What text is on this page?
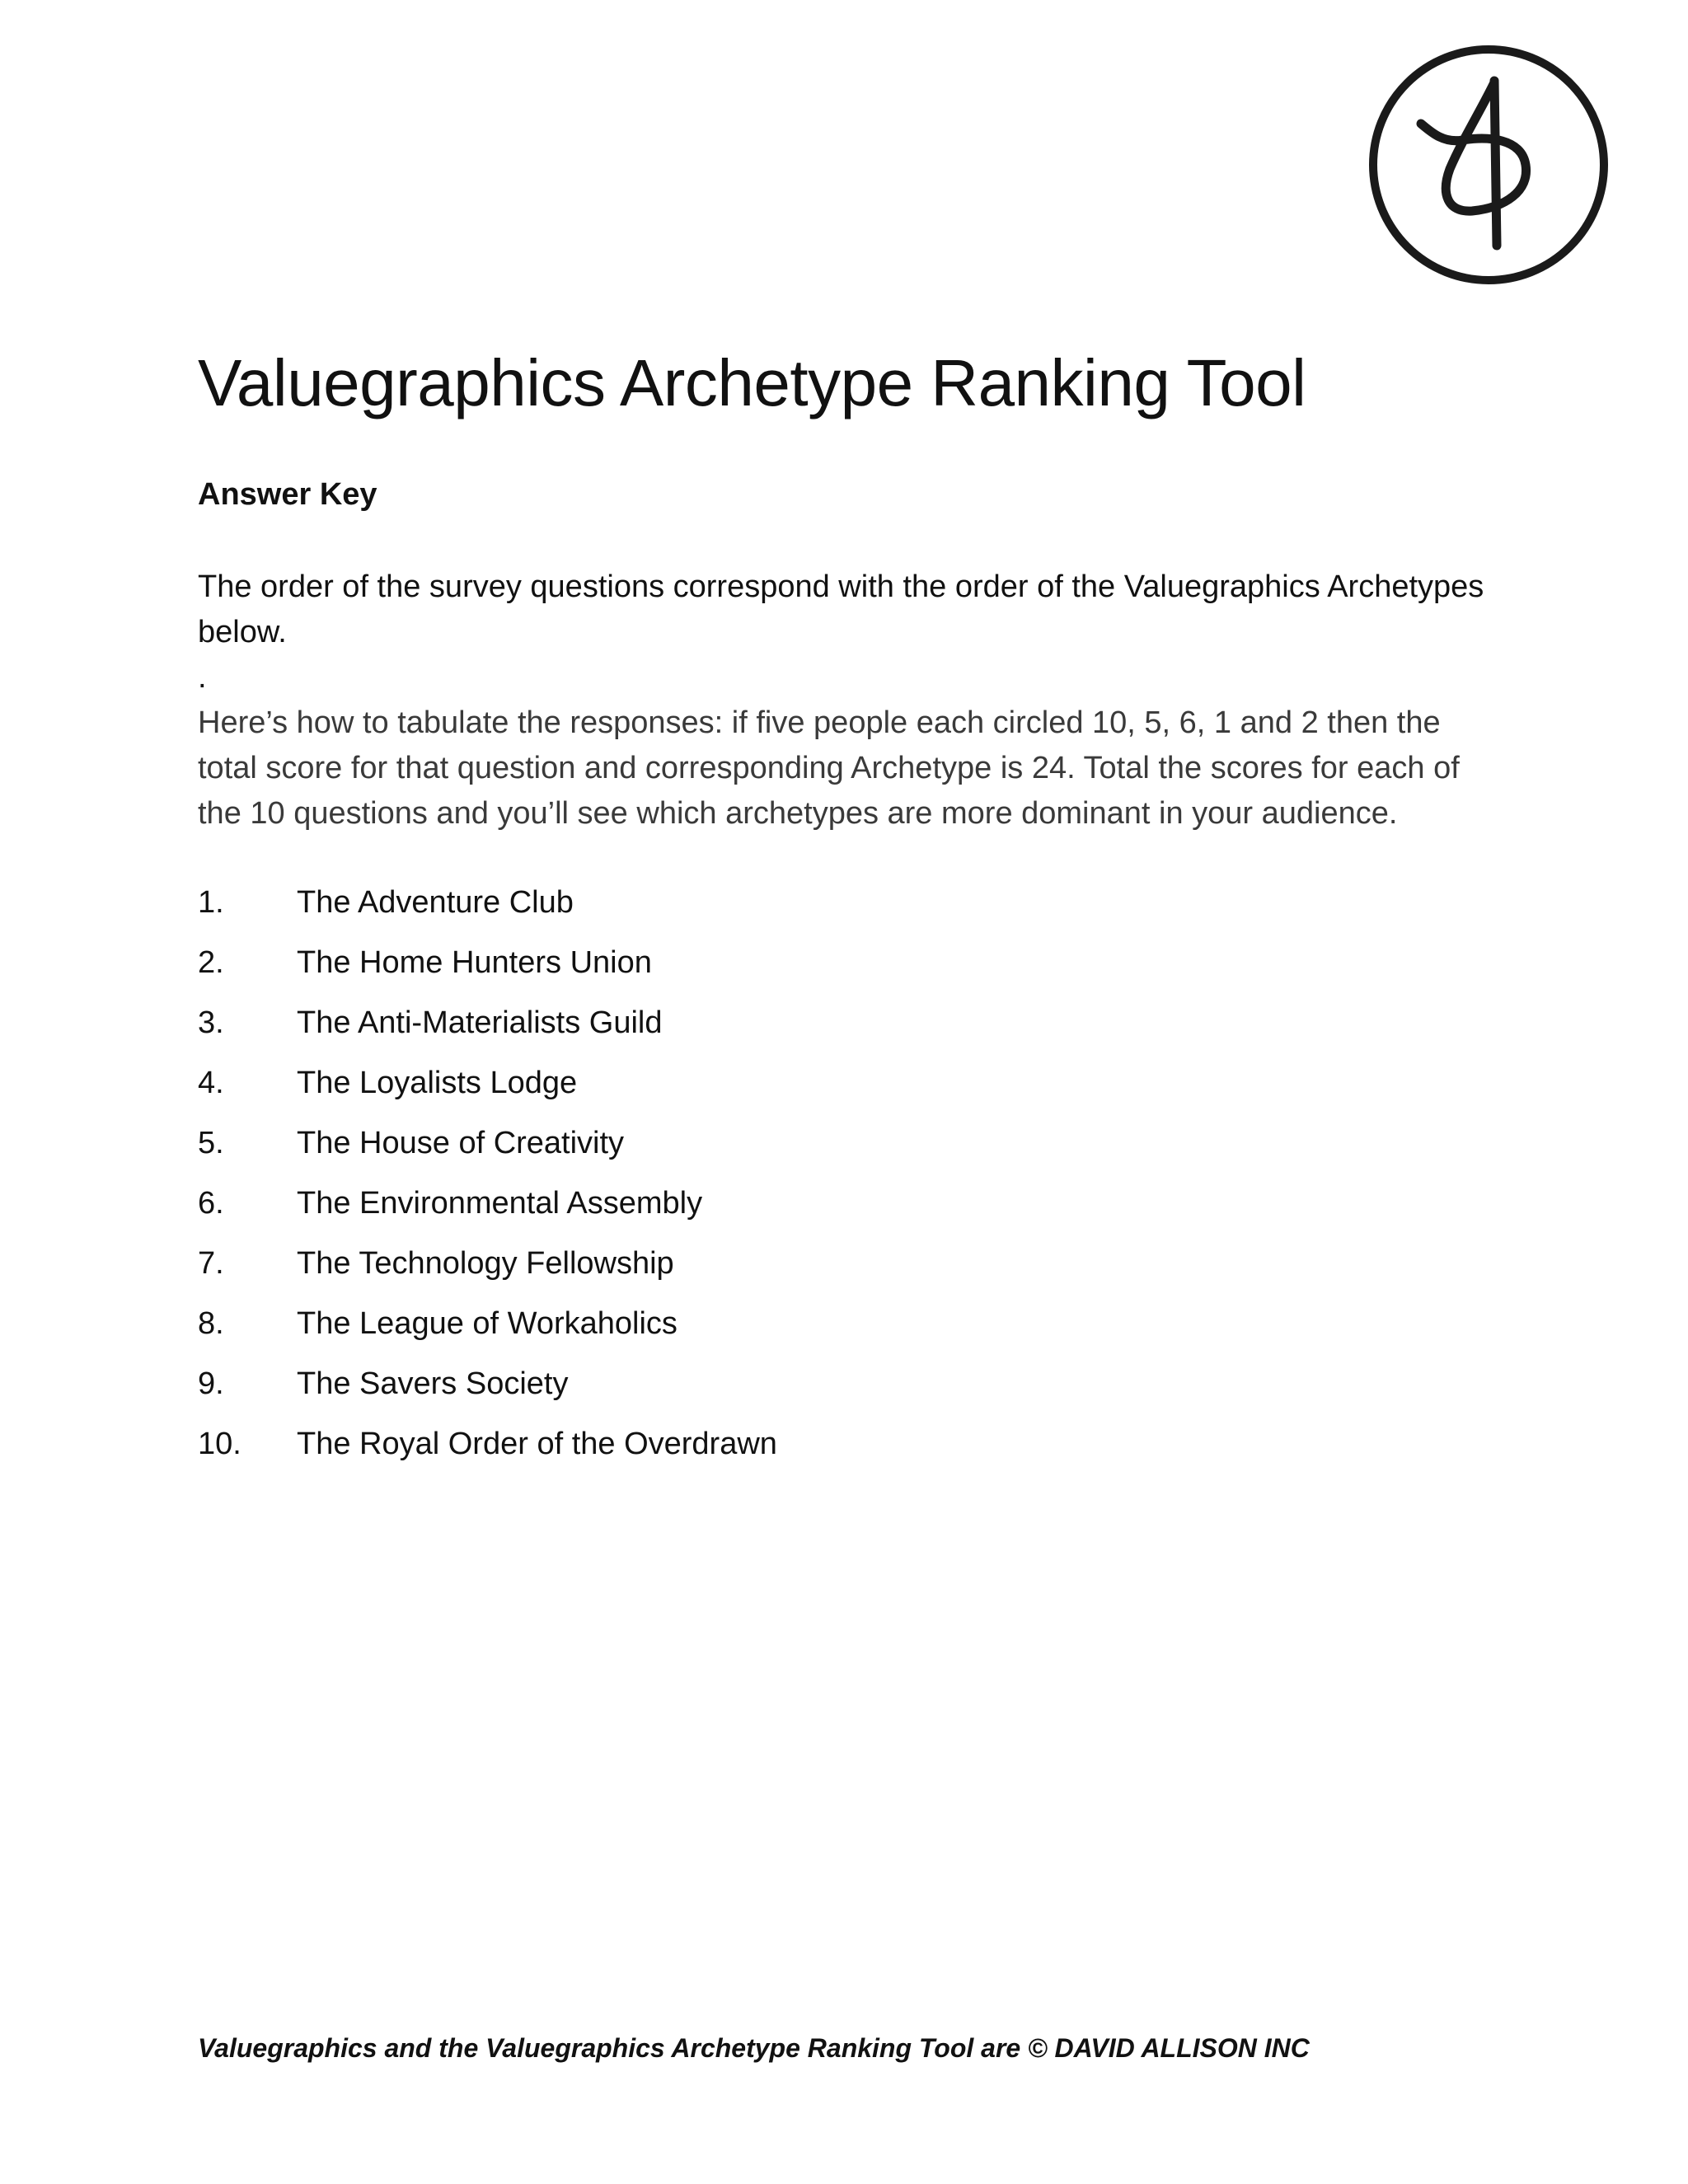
Valuegraphics Archetype Ranking Tool
Answer Key

The order of the survey questions correspond with the order of the Valuegraphics Archetypes below.

.

Here’s how to tabulate the responses: if five people each circled 10, 5, 6, 1 and 2 then the total score for that question and corresponding Archetype is 24. Total the scores for each of the 10 questions and you’ll see which archetypes are more dominant in your audience.

1.	The Adventure Club
2.	The Home Hunters Union
3.	The Anti-Materialists Guild
4.	The Loyalists Lodge
5.	The House of Creativity
6.	The Environmental Assembly
7.	The Technology Fellowship
8.	The League of Workaholics
9.	The Savers Society
10.	The Royal Order of the Overdrawn
Valuegraphics and the Valuegraphics Archetype Ranking Tool are © DAVID ALLISON INC
